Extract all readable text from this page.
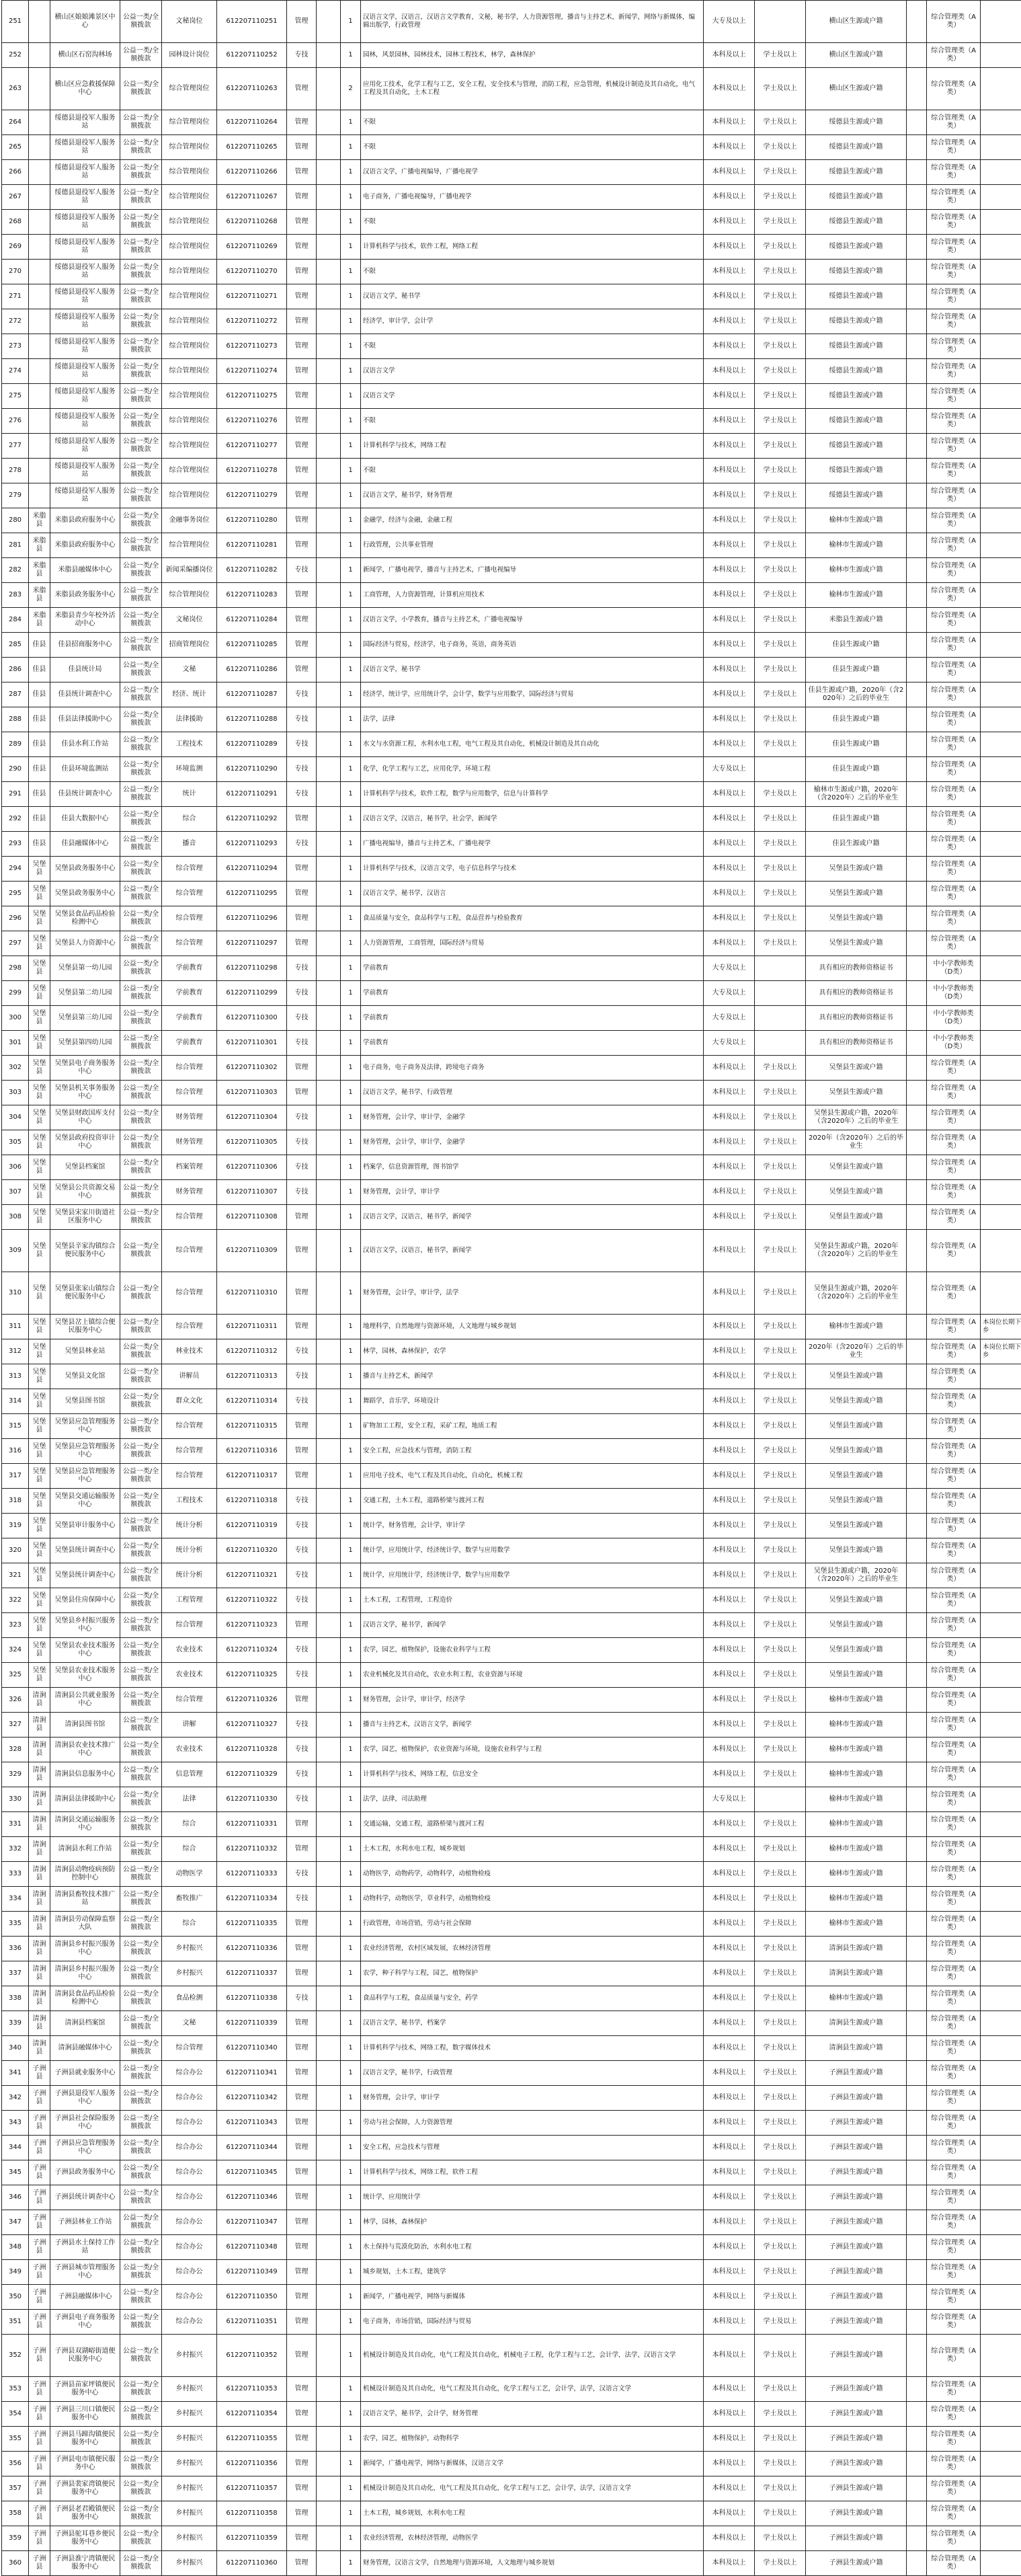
251		横山区娘娘滩景区中心	公益一类/全额拨款	文秘岗位	612207110251	管理		1	汉语言文学，汉语言，汉语言文学教育，文秘，秘书学，人力资源管理，播音与主持艺术，新闻学，网络与新媒体，编辑出版学，行政管理	大专及以上		横山区生源或户籍		综合管理类（A类）	
252		横山区石窑沟林场	公益一类/全额拨款	园林设计岗位	612207110252	专技		1	园林，风景园林，园林技术，园林工程技术，林学，森林保护	本科及以上	学士及以上	横山区生源或户籍		综合管理类（A类）	
263		横山区应急救援保障中心	公益一类/全额拨款	综合管理岗位	612207110263	管理		2	应用化工技术，化学工程与工艺，安全工程，安全技术与管理，消防工程，应急管理，机械设计制造及其自动化，电气工程及其自动化，土木工程	本科及以上	学士及以上	横山区生源或户籍		综合管理类（A类）	
264		绥德县退役军人服务站	公益一类/全额拨款	综合管理岗位	612207110264	管理		1	不限	本科及以上	学士及以上	绥德县生源或户籍		综合管理类（A类）	
265		绥德县退役军人服务站	公益一类/全额拨款	综合管理岗位	612207110265	管理		1	不限	本科及以上	学士及以上	绥德县生源或户籍		综合管理类（A类）	
266		绥德县退役军人服务站	公益一类/全额拨款	综合管理岗位	612207110266	管理		1	汉语言文学，广播电视编导，广播电视学	本科及以上	学士及以上	绥德县生源或户籍		综合管理类（A类）	
267		绥德县退役军人服务站	公益一类/全额拨款	综合管理岗位	612207110267	管理		1	电子商务，广播电视编导，广播电视学	本科及以上	学士及以上	绥德县生源或户籍		综合管理类（A类）	
268		绥德县退役军人服务站	公益一类/全额拨款	综合管理岗位	612207110268	管理		1	不限	本科及以上	学士及以上	绥德县生源或户籍		综合管理类（A类）	
269		绥德县退役军人服务站	公益一类/全额拨款	综合管理岗位	612207110269	管理		1	计算机科学与技术，软件工程，网络工程	本科及以上	学士及以上	绥德县生源或户籍		综合管理类（A类）	
270		绥德县退役军人服务站	公益一类/全额拨款	综合管理岗位	612207110270	管理		1	不限	本科及以上	学士及以上	绥德县生源或户籍		综合管理类（A类）	
271		绥德县退役军人服务站	公益一类/全额拨款	综合管理岗位	612207110271	管理		1	汉语言文学，秘书学	本科及以上	学士及以上	绥德县生源或户籍		综合管理类（A类）	
272		绥德县退役军人服务站	公益一类/全额拨款	综合管理岗位	612207110272	管理		1	经济学，审计学，会计学	本科及以上	学士及以上	绥德县生源或户籍		综合管理类（A类）	
273		绥德县退役军人服务站	公益一类/全额拨款	综合管理岗位	612207110273	管理		1	不限	本科及以上	学士及以上	绥德县生源或户籍		综合管理类（A类）	
274		绥德县退役军人服务站	公益一类/全额拨款	综合管理岗位	612207110274	管理		1	汉语言文学	本科及以上	学士及以上	绥德县生源或户籍		综合管理类（A类）	
275		绥德县退役军人服务站	公益一类/全额拨款	综合管理岗位	612207110275	管理		1	汉语言文学	本科及以上	学士及以上	绥德县生源或户籍		综合管理类（A类）	
276		绥德县退役军人服务站	公益一类/全额拨款	综合管理岗位	612207110276	管理		1	不限	本科及以上	学士及以上	绥德县生源或户籍		综合管理类（A类）	
277		绥德县退役军人服务站	公益一类/全额拨款	综合管理岗位	612207110277	管理		1	计算机科学与技术，网络工程	本科及以上	学士及以上	绥德县生源或户籍		综合管理类（A类）	
278		绥德县退役军人服务站	公益一类/全额拨款	综合管理岗位	612207110278	管理		1	不限	本科及以上	学士及以上	绥德县生源或户籍		综合管理类（A类）	
279		绥德县退役军人服务站	公益一类/全额拨款	综合管理岗位	612207110279	管理		1	汉语言文学，秘书学，财务管理	本科及以上	学士及以上	绥德县生源或户籍		综合管理类（A类）	
280	米脂县	米脂县政府服务中心	公益一类/全额拨款	金融事务岗位	612207110280	管理		1	金融学，经济与金融，金融工程	本科及以上	学士及以上	榆林市生源或户籍		综合管理类（A类）	
281	米脂县	米脂县政府服务中心	公益一类/全额拨款	综合管理岗位	612207110281	管理		1	行政管理，公共事业管理	本科及以上	学士及以上	榆林市生源或户籍		综合管理类（A类）	
282	米脂县	米脂县融媒体中心	公益一类/全额拨款	新闻采编播岗位	612207110282	专技		1	新闻学，广播电视学，播音与主持艺术，广播电视编导	本科及以上	学士及以上	榆林市生源或户籍		综合管理类（A类）	
283	米脂县	米脂县政务服务中心	公益一类/全额拨款	综合管理岗位	612207110283	管理		1	工商管理，人力资源管理，计算机应用技术	本科及以上	学士及以上	榆林市生源或户籍		综合管理类（A类）	
284	米脂县	米脂县青少年校外活动中心	公益一类/全额拨款	文秘岗位	612207110284	管理		1	汉语言文学，小学教育，播音与主持艺术，广播电视编导	本科及以上	学士及以上	米脂县生源或户籍		综合管理类（A类）	
285	佳县	佳县招商服务中心	公益一类/全额拨款	招商管理岗位	612207110285	管理		1	国际经济与贸易，经济学，电子商务，英语，商务英语	本科及以上	学士及以上	佳县生源或户籍		综合管理类（A类）	
286	佳县	佳县统计局	公益一类/全额拨款	文秘	612207110286	管理		1	汉语言文学，秘书学	本科及以上	学士及以上	佳县生源或户籍		综合管理类（A类）	
287	佳县	佳县统计调查中心	公益一类/全额拨款	经济、统计	612207110287	专技		1	经济学，统计学，应用统计学，会计学，数学与应用数学，国际经济与贸易	本科及以上	学士及以上	佳县生源或户籍，2020年（含2020年）之后的毕业生		综合管理类（A类）	
288	佳县	佳县法律援助中心	公益一类/全额拨款	法律援助	612207110288	专技		1	法学，法律	本科及以上	学士及以上	佳县生源或户籍		综合管理类（A类）	
289	佳县	佳县水利工作站	公益一类/全额拨款	工程技术	612207110289	专技		1	水文与水资源工程，水利水电工程，电气工程及其自动化，机械设计制造及其自动化	本科及以上	学士及以上	佳县生源或户籍		综合管理类（A类）	
290	佳县	佳县环境监测站	公益一类/全额拨款	环境监测	612207110290	专技		1	化学，化学工程与工艺，应用化学，环境工程	大专及以上		佳县生源或户籍		综合管理类（A类）	
291	佳县	佳县统计调查中心	公益一类/全额拨款	统计	612207110291	专技		1	计算机科学与技术，软件工程，数学与应用数学，信息与计算科学	本科及以上	学士及以上	榆林市生源或户籍，2020年（含2020年）之后的毕业生		综合管理类（A类）	
292	佳县	佳县大数据中心	公益一类/全额拨款	综合	612207110292	管理		1	汉语言文学，汉语言，秘书学，社会学，新闻学	本科及以上	学士及以上	佳县生源或户籍		综合管理类（A类）	
293	佳县	佳县融媒体中心	公益一类/全额拨款	播音	612207110293	专技		1	广播电视编导，播音与主持艺术，广播电视学	本科及以上	学士及以上	佳县生源或户籍		综合管理类（A类）	
294	吴堡县	吴堡县政务服务中心	公益一类/全额拨款	综合管理	612207110294	管理		1	计算机科学与技术，汉语言文学，电子信息科学与技术	本科及以上	学士及以上	吴堡县生源或户籍		综合管理类（A类）	
295	吴堡县	吴堡县政务服务中心	公益一类/全额拨款	综合管理	612207110295	管理		1	汉语言文学，秘书学，汉语言	本科及以上	学士及以上	吴堡县生源或户籍		综合管理类（A类）	
296	吴堡县	吴堡县食品药品检验检测中心	公益一类/全额拨款	综合管理	612207110296	管理		1	食品质量与安全，食品科学与工程，食品营养与检验教育	本科及以上	学士及以上	吴堡县生源或户籍		综合管理类（A类）	
297	吴堡县	吴堡县人力资源中心	公益一类/全额拨款	综合管理	612207110297	管理		1	人力资源管理，工商管理，国际经济与贸易	本科及以上	学士及以上	吴堡县生源或户籍		综合管理类（A类）	
298	吴堡县	吴堡县第一幼儿园	公益一类/全额拨款	学前教育	612207110298	专技		1	学前教育	大专及以上		具有相应的教师资格证书		中小学教师类（D类）	
299	吴堡县	吴堡县第二幼儿园	公益一类/全额拨款	学前教育	612207110299	专技		1	学前教育	大专及以上		具有相应的教师资格证书		中小学教师类（D类）	
300	吴堡县	吴堡县第三幼儿园	公益一类/全额拨款	学前教育	612207110300	专技		1	学前教育	大专及以上		具有相应的教师资格证书		中小学教师类（D类）	
301	吴堡县	吴堡县第四幼儿园	公益一类/全额拨款	学前教育	612207110301	专技		1	学前教育	大专及以上		具有相应的教师资格证书		中小学教师类（D类）	
302	吴堡县	吴堡县电子商务服务中心	公益一类/全额拨款	综合管理	612207110302	管理		1	电子商务，电子商务及法律，跨境电子商务	本科及以上	学士及以上	吴堡县生源或户籍		综合管理类（A类）	
303	吴堡县	吴堡县机关事务服务中心	公益一类/全额拨款	综合管理	612207110303	管理		1	汉语言文学，秘书学，行政管理	本科及以上	学士及以上	吴堡县生源或户籍		综合管理类（A类）	
304	吴堡县	吴堡县财政国库支付中心	公益一类/全额拨款	财务管理	612207110304	专技		1	财务管理，会计学，审计学，金融学	本科及以上	学士及以上	吴堡县生源或户籍，2020年（含2020年）之后的毕业生		综合管理类（A类）	
305	吴堡县	吴堡县政府投资审计中心	公益一类/全额拨款	财务管理	612207110305	专技		1	财务管理，会计学，审计学，金融学	本科及以上	学士及以上	2020年（含2020年）之后的毕业生		综合管理类（A类）	
306	吴堡县	吴堡县档案馆	公益一类/全额拨款	档案管理	612207110306	专技		1	档案学，信息资源管理，图书馆学	本科及以上	学士及以上	吴堡县生源或户籍		综合管理类（A类）	
307	吴堡县	吴堡县公共资源交易中心	公益一类/全额拨款	财务管理	612207110307	专技		1	财务管理，会计学，审计学	本科及以上	学士及以上	吴堡县生源或户籍		综合管理类（A类）	
308	吴堡县	吴堡县宋家川街道社区服务中心	公益一类/全额拨款	综合管理	612207110308	管理		1	汉语言文学，汉语言，秘书学，新闻学	本科及以上	学士及以上	吴堡县生源或户籍		综合管理类（A类）	
309	吴堡县	吴堡县辛家沟镇综合便民服务中心	公益一类/全额拨款	综合管理	612207110309	管理		1	汉语言文学，汉语言，秘书学，新闻学	本科及以上	学士及以上	吴堡县生源或户籍，2020年（含2020年）之后的毕业生		综合管理类（A类）	
310	吴堡县	吴堡县张家山镇综合便民服务中心	公益一类/全额拨款	综合管理	612207110310	管理		1	财务管理，会计学，审计学，法学	本科及以上	学士及以上	吴堡县生源或户籍，2020年（含2020年）之后的毕业生		综合管理类（A类）	
311	吴堡县	吴堡县岔上镇综合便民服务中心	公益一类/全额拨款	综合管理	612207110311	管理		1	地理科学，自然地理与资源环境，人文地理与城乡规划	本科及以上	学士及以上	榆林市生源或户籍		综合管理类（A类）	本岗位长期下乡
312	吴堡县	吴堡县林业站	公益一类/全额拨款	林业技术	612207110312	专技		1	林学，园林，森林保护，农学	本科及以上	学士及以上	2020年（含2020年）之后的毕业生		综合管理类（A类）	本岗位长期下乡
313	吴堡县	吴堡县文化馆	公益一类/全额拨款	讲解员	612207110313	专技		1	播音与主持艺术，新闻学	本科及以上	学士及以上	吴堡县生源或户籍		综合管理类（A类）	
314	吴堡县	吴堡县图书馆	公益一类/全额拨款	群众文化	612207110314	专技		1	舞蹈学，音乐学，环境设计	本科及以上	学士及以上	吴堡县生源或户籍		综合管理类（A类）	
315	吴堡县	吴堡县应急管理服务中心	公益一类/全额拨款	综合管理	612207110315	管理		1	矿物加工工程，安全工程，采矿工程，地质工程	本科及以上	学士及以上	吴堡县生源或户籍		综合管理类（A类）	
316	吴堡县	吴堡县应急管理服务中心	公益一类/全额拨款	综合管理	612207110316	管理		1	安全工程，应急技术与管理，消防工程	本科及以上	学士及以上	吴堡县生源或户籍		综合管理类（A类）	
317	吴堡县	吴堡县应急管理服务中心	公益一类/全额拨款	综合管理	612207110317	管理		1	应用电子技术，电气工程及其自动化，自动化，机械工程	本科及以上	学士及以上	吴堡县生源或户籍		综合管理类（A类）	
318	吴堡县	吴堡县交通运输服务中心	公益一类/全额拨款	工程技术	612207110318	专技		1	交通工程，土木工程，道路桥梁与渡河工程	本科及以上	学士及以上	吴堡县生源或户籍		综合管理类（A类）	
319	吴堡县	吴堡县审计服务中心	公益一类/全额拨款	统计分析	612207110319	专技		1	统计学，财务管理，会计学，审计学	本科及以上	学士及以上	吴堡县生源或户籍		综合管理类（A类）	
320	吴堡县	吴堡县统计调查中心	公益一类/全额拨款	统计分析	612207110320	专技		1	统计学，应用统计学，经济统计学，数学与应用数学	本科及以上	学士及以上	吴堡县生源或户籍		综合管理类（A类）	
321	吴堡县	吴堡县统计调查中心	公益一类/全额拨款	统计分析	612207110321	专技		1	统计学，应用统计学，经济统计学，数学与应用数学	本科及以上	学士及以上	吴堡县生源或户籍，2020年（含2020年）之后的毕业生		综合管理类（A类）	
322	吴堡县	吴堡县住房保障中心	公益一类/全额拨款	工程管理	612207110322	专技		1	土木工程，工程管理，工程造价	本科及以上	学士及以上	吴堡县生源或户籍		综合管理类（A类）	
323	吴堡县	吴堡县乡村振兴服务中心	公益一类/全额拨款	综合管理	612207110323	管理		1	汉语言文学，秘书学，新闻学	本科及以上	学士及以上	吴堡县生源或户籍		综合管理类（A类）	
324	吴堡县	吴堡县农业技术服务中心	公益一类/全额拨款	农业技术	612207110324	专技		1	农学，园艺，植物保护，设施农业科学与工程	本科及以上	学士及以上	吴堡县生源或户籍		综合管理类（A类）	
325	吴堡县	吴堡县农业技术服务中心	公益一类/全额拨款	农业技术	612207110325	专技		1	农业机械化及其自动化，农业水利工程，农业资源与环境	本科及以上	学士及以上	吴堡县生源或户籍		综合管理类（A类）	
326	清涧县	清涧县公共就业服务中心	公益一类/全额拨款	综合管理	612207110326	管理		1	财务管理，会计学，审计学，经济学	本科及以上	学士及以上	榆林市生源或户籍		综合管理类（A类）	
327	清涧县	清涧县图书馆	公益一类/全额拨款	讲解	612207110327	专技		1	播音与主持艺术，汉语言文学，新闻学	本科及以上	学士及以上	榆林市生源或户籍		综合管理类（A类）	
328	清涧县	清涧县农业技术推广中心	公益一类/全额拨款	农业技术	612207110328	专技		1	农学，园艺，植物保护，农业资源与环境，设施农业科学与工程	本科及以上	学士及以上	榆林市生源或户籍		综合管理类（A类）	
329	清涧县	清涧县信息服务中心	公益一类/全额拨款	信息管理	612207110329	专技		1	计算机科学与技术，网络工程，信息安全	本科及以上	学士及以上	榆林市生源或户籍		综合管理类（A类）	
330	清涧县	清涧县法律援助中心	公益一类/全额拨款	法律	612207110330	专技		1	法学，法律，司法助理	大专及以上		榆林市生源或户籍		综合管理类（A类）	
331	清涧县	清涧县交通运输服务中心	公益一类/全额拨款	综合	612207110331	管理		1	交通运输，交通工程，道路桥梁与渡河工程	本科及以上	学士及以上	榆林市生源或户籍		综合管理类（A类）	
332	清涧县	清涧县水利工作站	公益一类/全额拨款	综合	612207110332	管理		1	土木工程，水利水电工程，城乡规划	本科及以上	学士及以上	榆林市生源或户籍		综合管理类（A类）	
333	清涧县	清涧县动物疫病预防控制中心	公益一类/全额拨款	动物医学	612207110333	专技		1	动物医学，动物药学，动物科学，动植物检疫	本科及以上	学士及以上	榆林市生源或户籍		综合管理类（A类）	
334	清涧县	清涧县畜牧技术推广站	公益一类/全额拨款	畜牧推广	612207110334	专技		1	动物科学，动物医学，草业科学，动植物检疫	本科及以上	学士及以上	榆林市生源或户籍		综合管理类（A类）	
335	清涧县	清涧县劳动保障监察大队	公益一类/全额拨款	综合	612207110335	管理		1	行政管理，市场营销，劳动与社会保障	本科及以上	学士及以上	榆林市生源或户籍		综合管理类（A类）	
336	清涧县	清涧县乡村振兴服务中心	公益一类/全额拨款	乡村振兴	612207110336	管理		1	农业经济管理，农村区域发展，农林经济管理	本科及以上	学士及以上	清涧县生源或户籍		综合管理类（A类）	
337	清涧县	清涧县乡村振兴服务中心	公益一类/全额拨款	乡村振兴	612207110337	管理		1	农学，种子科学与工程，园艺，植物保护	本科及以上	学士及以上	清涧县生源或户籍		综合管理类（A类）	
338	清涧县	清涧县食品药品检验检测中心	公益一类/全额拨款	食品检测	612207110338	专技		1	食品科学与工程，食品质量与安全，药学	本科及以上	学士及以上	榆林市生源或户籍		综合管理类（A类）	
339	清涧县	清涧县档案馆	公益一类/全额拨款	文秘	612207110339	管理		1	汉语言文学，秘书学，档案学	本科及以上	学士及以上	清涧县生源或户籍		综合管理类（A类）	
340	清涧县	清涧县融媒体中心	公益一类/全额拨款	综合管理	612207110340	管理		1	计算机科学与技术，网络工程，数字媒体技术	本科及以上	学士及以上	清涧县生源或户籍		综合管理类（A类）	
341	子洲县	子洲县就业服务中心	公益一类/全额拨款	综合办公	612207110341	管理		1	汉语言文学，秘书学，行政管理	本科及以上	学士及以上	子洲县生源或户籍		综合管理类（A类）	
342	子洲县	子洲县退役军人服务中心	公益一类/全额拨款	综合办公	612207110342	管理		1	财务管理，会计学，审计学	本科及以上	学士及以上	子洲县生源或户籍		综合管理类（A类）	
343	子洲县	子洲县社会保险服务中心	公益一类/全额拨款	综合办公	612207110343	管理		1	劳动与社会保障，人力资源管理	本科及以上	学士及以上	子洲县生源或户籍		综合管理类（A类）	
344	子洲县	子洲县应急管理服务中心	公益一类/全额拨款	综合办公	612207110344	管理		1	安全工程，应急技术与管理	本科及以上	学士及以上	子洲县生源或户籍		综合管理类（A类）	
345	子洲县	子洲县政务服务中心	公益一类/全额拨款	综合办公	612207110345	管理		1	计算机科学与技术，网络工程，软件工程	本科及以上	学士及以上	子洲县生源或户籍		综合管理类（A类）	
346	子洲县	子洲县统计调查中心	公益一类/全额拨款	综合办公	612207110346	管理		1	统计学，应用统计学	本科及以上	学士及以上	子洲县生源或户籍		综合管理类（A类）	
347	子洲县	子洲县林业工作站	公益一类/全额拨款	综合办公	612207110347	管理		1	林学，园林，森林保护	本科及以上	学士及以上	子洲县生源或户籍		综合管理类（A类）	
348	子洲县	子洲县水土保持工作站	公益一类/全额拨款	综合办公	612207110348	管理		1	水土保持与荒漠化防治，水利水电工程	本科及以上	学士及以上	子洲县生源或户籍		综合管理类（A类）	
349	子洲县	子洲县城市管理服务中心	公益一类/全额拨款	综合办公	612207110349	管理		1	城乡规划，土木工程，建筑学	本科及以上	学士及以上	子洲县生源或户籍		综合管理类（A类）	
350	子洲县	子洲县融媒体中心	公益一类/全额拨款	综合办公	612207110350	管理		1	新闻学，广播电视学，网络与新媒体	本科及以上	学士及以上	子洲县生源或户籍		综合管理类（A类）	
351	子洲县	子洲县电子商务服务中心	公益一类/全额拨款	综合办公	612207110351	管理		1	电子商务，市场营销，国际经济与贸易	本科及以上	学士及以上	子洲县生源或户籍		综合管理类（A类）	
352	子洲县	子洲县双湖峪街道便民服务中心	公益一类/全额拨款	乡村振兴	612207110352	管理		1	机械设计制造及其自动化，电气工程及其自动化，机械电子工程，化学工程与工艺，会计学，法学，汉语言文学	本科及以上	学士及以上	子洲县生源或户籍		综合管理类（A类）	
353	子洲县	子洲县苗家坪镇便民服务中心	公益一类/全额拨款	乡村振兴	612207110353	管理		1	机械设计制造及其自动化，电气工程及其自动化，化学工程与工艺，会计学，法学，汉语言文学	本科及以上	学士及以上	子洲县生源或户籍		综合管理类（A类）	
354	子洲县	子洲县三川口镇便民服务中心	公益一类/全额拨款	乡村振兴	612207110354	管理		1	汉语言文学，秘书学，会计学，财务管理	本科及以上	学士及以上	子洲县生源或户籍		综合管理类（A类）	
355	子洲县	子洲县马蹄沟镇便民服务中心	公益一类/全额拨款	乡村振兴	612207110355	管理		1	农学，园艺，植物保护，动物科学	本科及以上	学士及以上	子洲县生源或户籍		综合管理类（A类）	
356	子洲县	子洲县电市镇便民服务中心	公益一类/全额拨款	乡村振兴	612207110356	管理		1	新闻学，广播电视学，网络与新媒体，汉语言文学	本科及以上	学士及以上	子洲县生源或户籍		综合管理类（A类）	
357	子洲县	子洲县裴家湾镇便民服务中心	公益一类/全额拨款	乡村振兴	612207110357	管理		1	机械设计制造及其自动化，电气工程及其自动化，化学工程与工艺，会计学，法学，汉语言文学	本科及以上	学士及以上	子洲县生源或户籍		综合管理类（A类）	
358	子洲县	子洲县老君殿镇便民服务中心	公益一类/全额拨款	乡村振兴	612207110358	管理		1	土木工程，城乡规划，水利水电工程	本科及以上	学士及以上	子洲县生源或户籍		综合管理类（A类）	
359	子洲县	子洲县驼耳巷乡便民服务中心	公益一类/全额拨款	乡村振兴	612207110359	管理		1	农业经济管理，农林经济管理，动物医学	本科及以上	学士及以上	子洲县生源或户籍		综合管理类（A类）	
360	子洲县	子洲县淮宁湾镇便民服务中心	公益一类/全额拨款	乡村振兴	612207110360	管理		1	财务管理，汉语言文学，自然地理与资源环境，人文地理与城乡规划	本科及以上	学士及以上	子洲县生源或户籍		综合管理类（A类）	
